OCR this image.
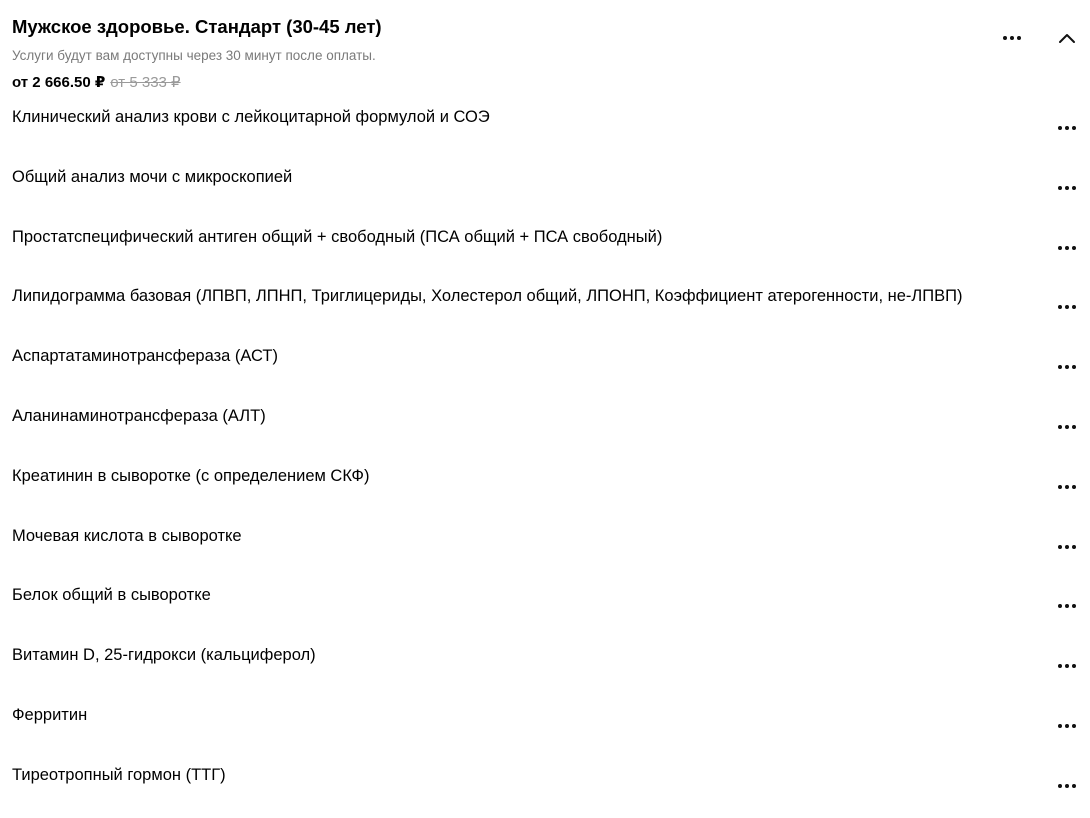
Мужское здоровье. Стандарт (30-45 лет)
Услуги будут вам доступны через 30 минут после оплаты.
от 2 666.50 ₽ от 5 333 ₽
Клинический анализ крови с лейкоцитарной формулой и СОЭ
Общий анализ мочи с микроскопией
Простатспецифический антиген общий + свободный (ПСА общий + ПСА свободный)
Липидограмма базовая (ЛПВП, ЛПНП, Триглицериды, Холестерол общий, ЛПОНП, Коэффициент атерогенности, не-ЛПВП)
Аспартатаминотрансфераза (АСТ)
Аланинаминотрансфераза (АЛТ)
Креатинин в сыворотке (с определением СКФ)
Мочевая кислота в сыворотке
Белок общий в сыворотке
Витамин D, 25-гидрокси (кальциферол)
Ферритин
Тиреотропный гормон (ТТГ)
